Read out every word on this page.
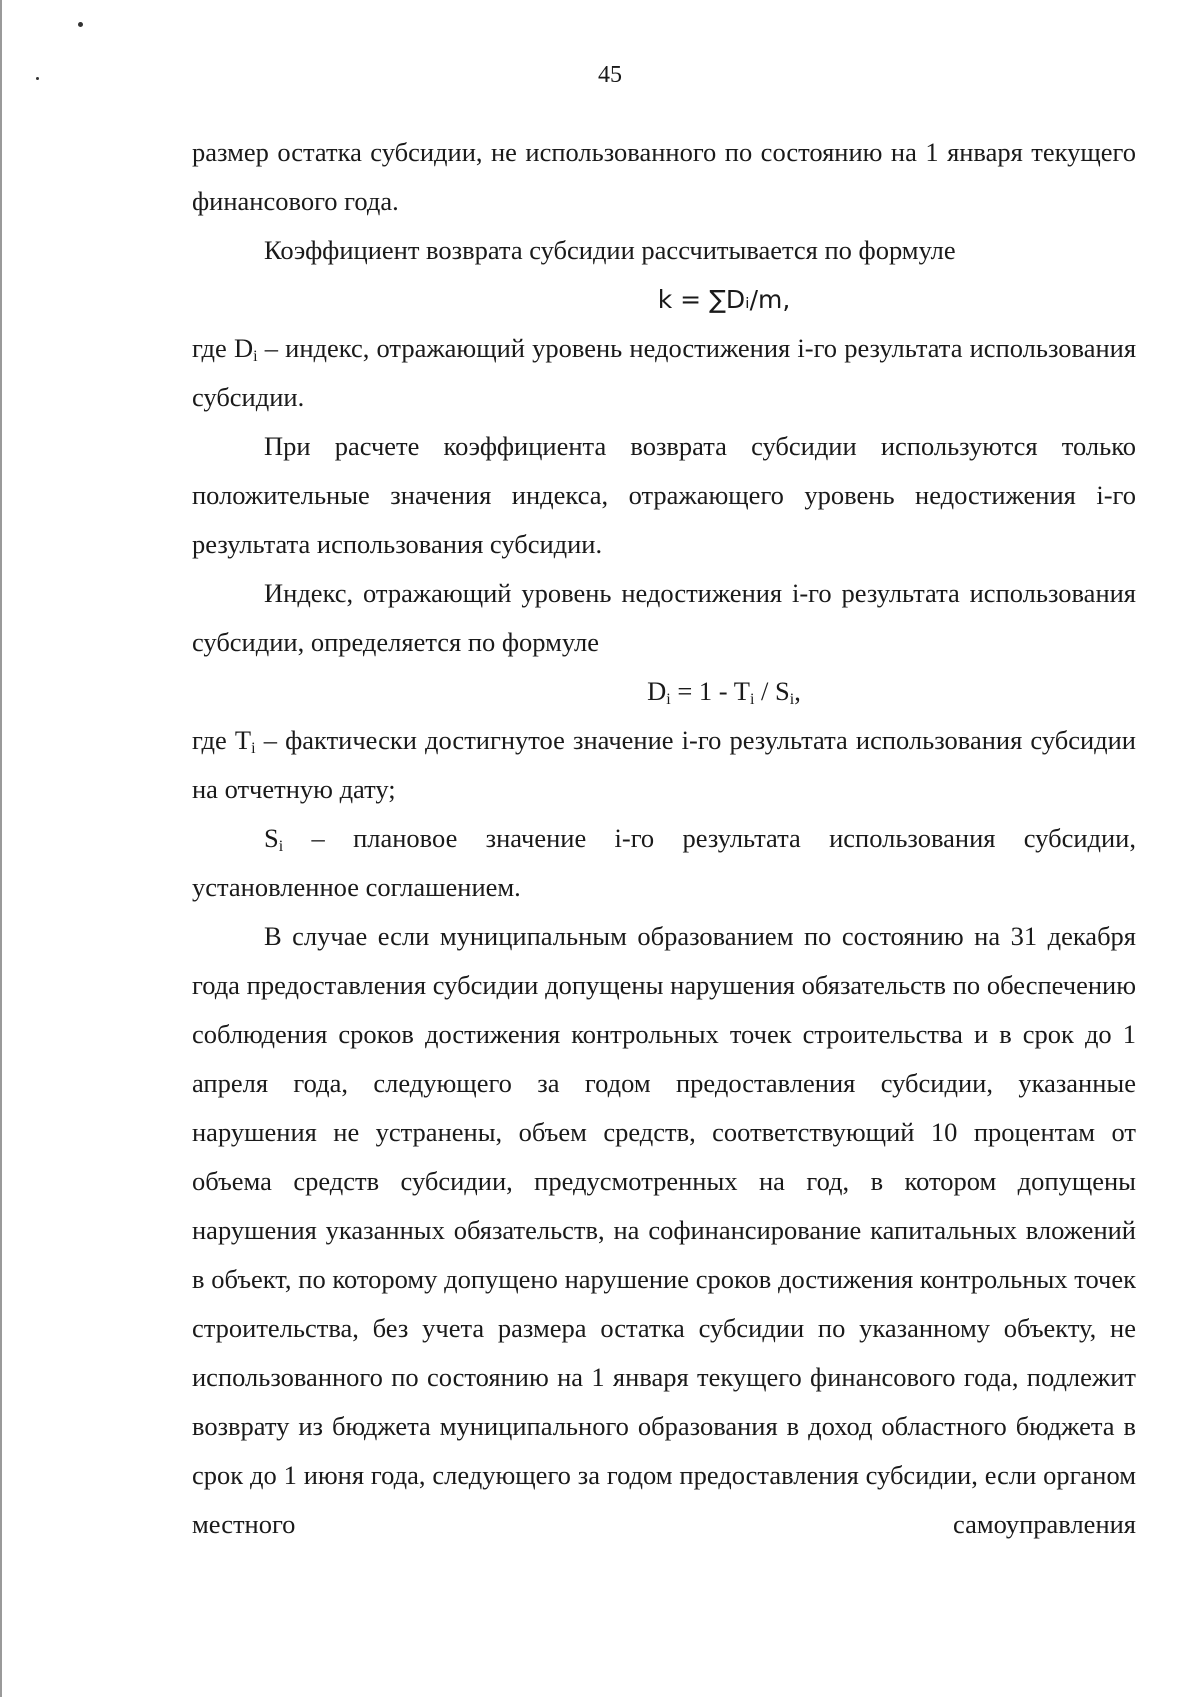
45

размер остатка субсидии, не использованного по состоянию на 1 января текущего финансового года.

Коэффициент возврата субсидии рассчитывается по формуле

k = ∑Dᵢ/m,

где $D_i$ – индекс, отражающий уровень недостижения i-го результата использования субсидии.

При расчете коэффициента возврата субсидии используются только положительные значения индекса, отражающего уровень недостижения i-го результата использования субсидии.

Индекс, отражающий уровень недостижения i-го результата использования субсидии, определяется по формуле

$D_i = 1 - T_i / S_i$,

где $T_i$ – фактически достигнутое значение i-го результата использования субсидии на отчетную дату;

$S_i$ – плановое значение i-го результата использования субсидии, установленное соглашением.

В случае если муниципальным образованием по состоянию на 31 декабря года предоставления субсидии допущены нарушения обязательств по обеспечению соблюдения сроков достижения контрольных точек строительства и в срок до 1 апреля года, следующего за годом предоставления субсидии, указанные нарушения не устранены, объем средств, соответствующий 10 процентам от объема средств субсидии, предусмотренных на год, в котором допущены нарушения указанных обязательств, на софинансирование капитальных вложений в объект, по которому допущено нарушение сроков достижения контрольных точек строительства, без учета размера остатка субсидии по указанному объекту, не использованного по состоянию на 1 января текущего финансового года, подлежит возврату из бюджета муниципального образования в доход областного бюджета в срок до 1 июня года, следующего за годом предоставления субсидии, если органом местного самоуправления
